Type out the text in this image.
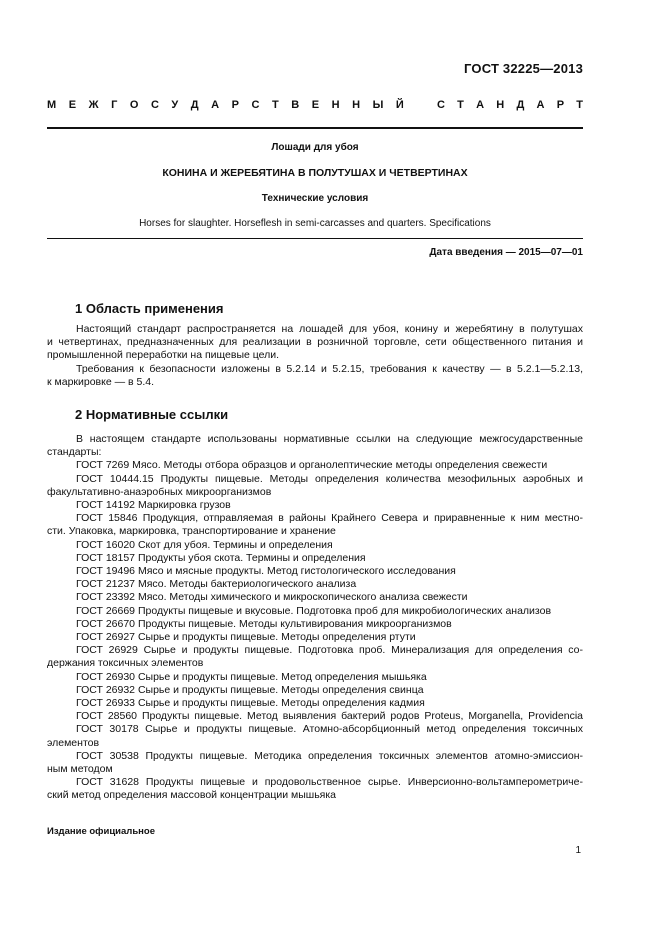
ГОСТ 32225—2013
М Е Ж Г О С У Д А Р С Т В Е Н Н Ы Й	С Т А Н Д А Р Т
Лошади для убоя
КОНИНА И ЖЕРЕБЯТИНА В ПОЛУТУШАХ И ЧЕТВЕРТИНАХ
Технические условия
Horses for slaughter. Horseflesh in semi-carcasses and quarters. Specifications
Дата введения — 2015—07—01
1 Область применения
Настоящий стандарт распространяется на лошадей для убоя, конину и жеребятину в полутушах
и четвертинах, предназначенных для реализации в розничной торговле, сети общественного питания и
промышленной переработки на пищевые цели.
Требования к безопасности изложены в 5.2.14 и 5.2.15, требования к качеству — в 5.2.1—5.2.13,
к маркировке — в 5.4.
2 Нормативные ссылки
В настоящем стандарте использованы нормативные ссылки на следующие межгосударственные
стандарты:
ГОСТ 7269 Мясо. Методы отбора образцов и органолептические методы определения свежести
ГОСТ 10444.15 Продукты пищевые. Методы определения количества мезофильных аэробных и
факультативно-анаэробных микроорганизмов
ГОСТ 14192 Маркировка грузов
ГОСТ 15846 Продукция, отправляемая в районы Крайнего Севера и приравненные к ним местно-
сти. Упаковка, маркировка, транспортирование и хранение
ГОСТ 16020 Скот для убоя. Термины и определения
ГОСТ 18157 Продукты убоя скота. Термины и определения
ГОСТ 19496 Мясо и мясные продукты. Метод гистологического исследования
ГОСТ 21237 Мясо. Методы бактериологического анализа
ГОСТ 23392 Мясо. Методы химического и микроскопического анализа свежести
ГОСТ 26669 Продукты пищевые и вкусовые. Подготовка проб для микробиологических анализов
ГОСТ 26670 Продукты пищевые. Методы культивирования микроорганизмов
ГОСТ 26927 Сырье и продукты пищевые. Методы определения ртути
ГОСТ 26929 Сырье и продукты пищевые. Подготовка проб. Минерализация для определения со-
держания токсичных элементов
ГОСТ 26930 Сырье и продукты пищевые. Метод определения мышьяка
ГОСТ 26932 Сырье и продукты пищевые. Методы определения свинца
ГОСТ 26933 Сырье и продукты пищевые. Методы определения кадмия
ГОСТ 28560 Продукты пищевые. Метод выявления бактерий родов Proteus, Morganella, Providencia
ГОСТ 30178 Сырье и продукты пищевые. Атомно-абсорбционный метод определения токсичных
элементов
ГОСТ 30538 Продукты пищевые. Методика определения токсичных элементов атомно-эмиссион-
ным методом
ГОСТ 31628 Продукты пищевые и продовольственное сырье. Инверсионно-вольтамперометриче-
ский метод определения массовой концентрации мышьяка
Издание официальное
1
